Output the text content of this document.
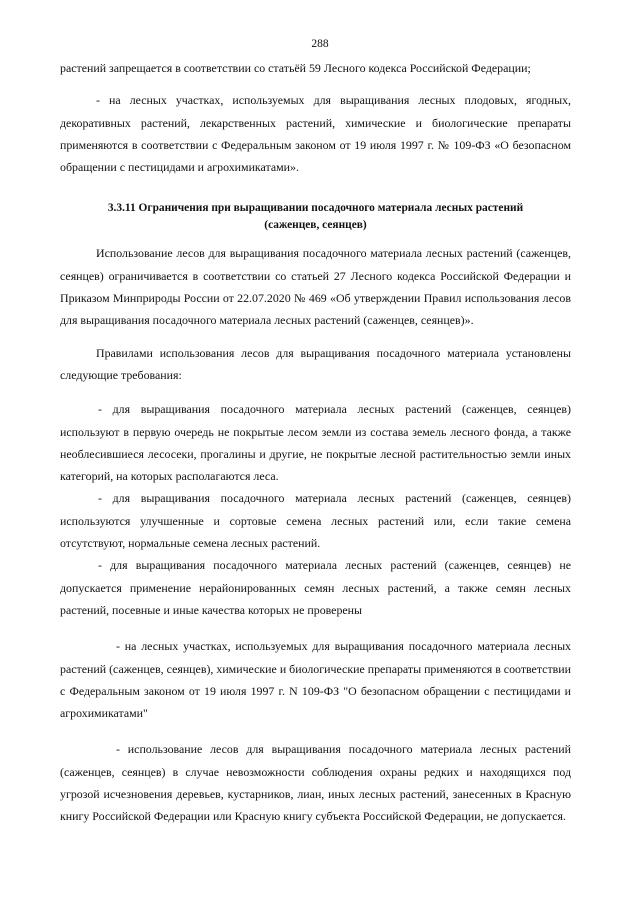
288

растений запрещается в соответствии со статьёй 59 Лесного кодекса Российской Федерации;

- на лесных участках, используемых для выращивания лесных плодовых, ягодных, декоративных растений, лекарственных растений, химические и биологические препараты применяются в соответствии с Федеральным законом от 19 июля 1997 г. № 109-ФЗ «О безопасном обращении с пестицидами и агрохимикатами».

3.3.11 Ограничения при выращивании посадочного материала лесных растений (саженцев, сеянцев)

Использование лесов для выращивания посадочного материала лесных растений (саженцев, сеянцев) ограничивается в соответствии со статьей 27 Лесного кодекса Российской Федерации и Приказом Минприроды России от 22.07.2020 № 469 «Об утверждении Правил использования лесов для выращивания посадочного материала лесных растений (саженцев, сеянцев)».

Правилами использования лесов для выращивания посадочного материала установлены следующие требования:

- для выращивания посадочного материала лесных растений (саженцев, сеянцев) используют в первую очередь не покрытые лесом земли из состава земель лесного фонда, а также необлесившиеся лесосеки, прогалины и другие, не покрытые лесной растительностью земли иных категорий, на которых располагаются леса.

- для выращивания посадочного материала лесных растений (саженцев, сеянцев) используются улучшенные и сортовые семена лесных растений или, если такие семена отсутствуют, нормальные семена лесных растений.

- для выращивания посадочного материала лесных растений (саженцев, сеянцев) не допускается применение нерайонированных семян лесных растений, а также семян лесных растений, посевные и иные качества которых не проверены

- на лесных участках, используемых для выращивания посадочного материала лесных растений (саженцев, сеянцев), химические и биологические препараты применяются в соответствии с Федеральным законом от 19 июля 1997 г. N 109-ФЗ "О безопасном обращении с пестицидами и агрохимикатами"

- использование лесов для выращивания посадочного материала лесных растений (саженцев, сеянцев) в случае невозможности соблюдения охраны редких и находящихся под угрозой исчезновения деревьев, кустарников, лиан, иных лесных растений, занесенных в Красную книгу Российской Федерации или Красную книгу субъекта Российской Федерации, не допускается.
